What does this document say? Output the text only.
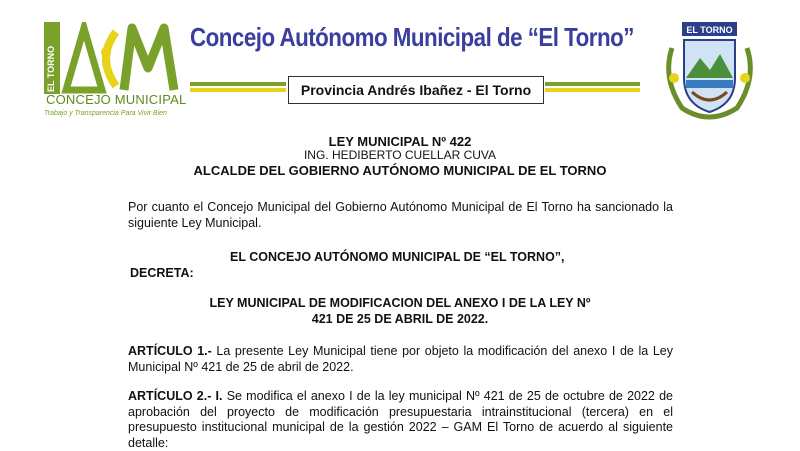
EL TORNO
CONCEJO MUNICIPAL
Trabajo y Transparencia Para Vivir Bien
Concejo Autónomo Municipal de “El Torno”
Provincia Andrés Ibañez - El Torno
EL TORNO
LEY MUNICIPAL Nº 422
ING. HEDIBERTO CUELLAR CUVA
ALCALDE DEL GOBIERNO AUTÓNOMO MUNICIPAL DE EL TORNO
Por cuanto el Concejo Municipal del Gobierno Autónomo Municipal de El Torno ha sancionado la siguiente Ley Municipal.
EL CONCEJO AUTÓNOMO MUNICIPAL DE “EL TORNO”,
DECRETA:
LEY MUNICIPAL DE MODIFICACION DEL ANEXO I DE LA LEY Nº 421 DE 25 DE ABRIL DE 2022.
ARTÍCULO 1.- La presente Ley Municipal tiene por objeto la modificación del anexo I de la Ley Municipal Nº 421 de 25 de abril de 2022.
ARTÍCULO 2.- I. Se modifica el anexo I de la ley municipal Nº 421 de 25 de octubre de 2022 de aprobación del proyecto de modificación presupuestaria intrainstitucional (tercera) en el presupuesto institucional municipal de la gestión 2022 – GAM El Torno de acuerdo al siguiente detalle:
